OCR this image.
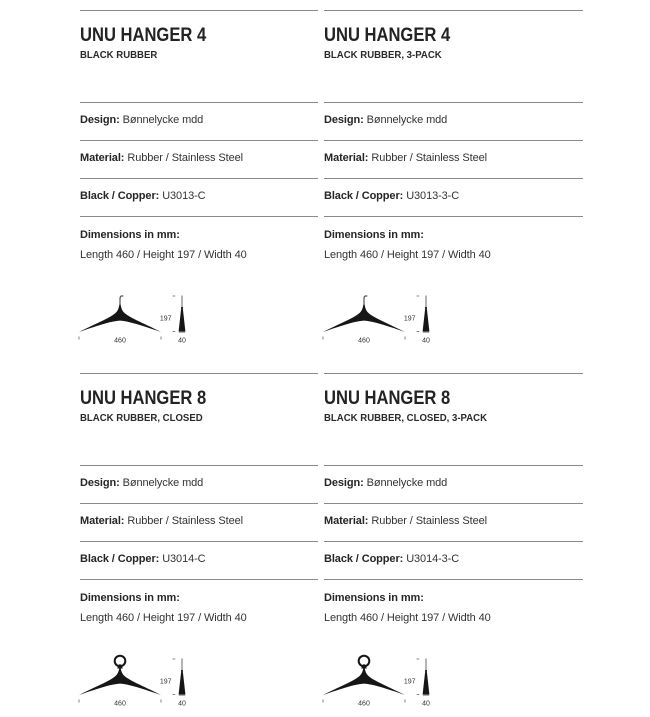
UNU HANGER 4
BLACK RUBBER
Design: Bønnelycke mdd
Material: Rubber / Stainless Steel
Black / Copper: U3013-C
Dimensions in mm:
Length 460 / Height 197 / Width 40
460
197
40
UNU HANGER 4
BLACK RUBBER, 3-PACK
Design: Bønnelycke mdd
Material: Rubber / Stainless Steel
Black / Copper: U3013-3-C
Dimensions in mm:
Length 460 / Height 197 / Width 40
460
197
40
UNU HANGER 8
BLACK RUBBER, CLOSED
Design: Bønnelycke mdd
Material: Rubber / Stainless Steel
Black / Copper: U3014-C
Dimensions in mm:
Length 460 / Height 197 / Width 40
460
197
40
UNU HANGER 8
BLACK RUBBER, CLOSED, 3-PACK
Design: Bønnelycke mdd
Material: Rubber / Stainless Steel
Black / Copper: U3014-3-C
Dimensions in mm:
Length 460 / Height 197 / Width 40
460
197
40
